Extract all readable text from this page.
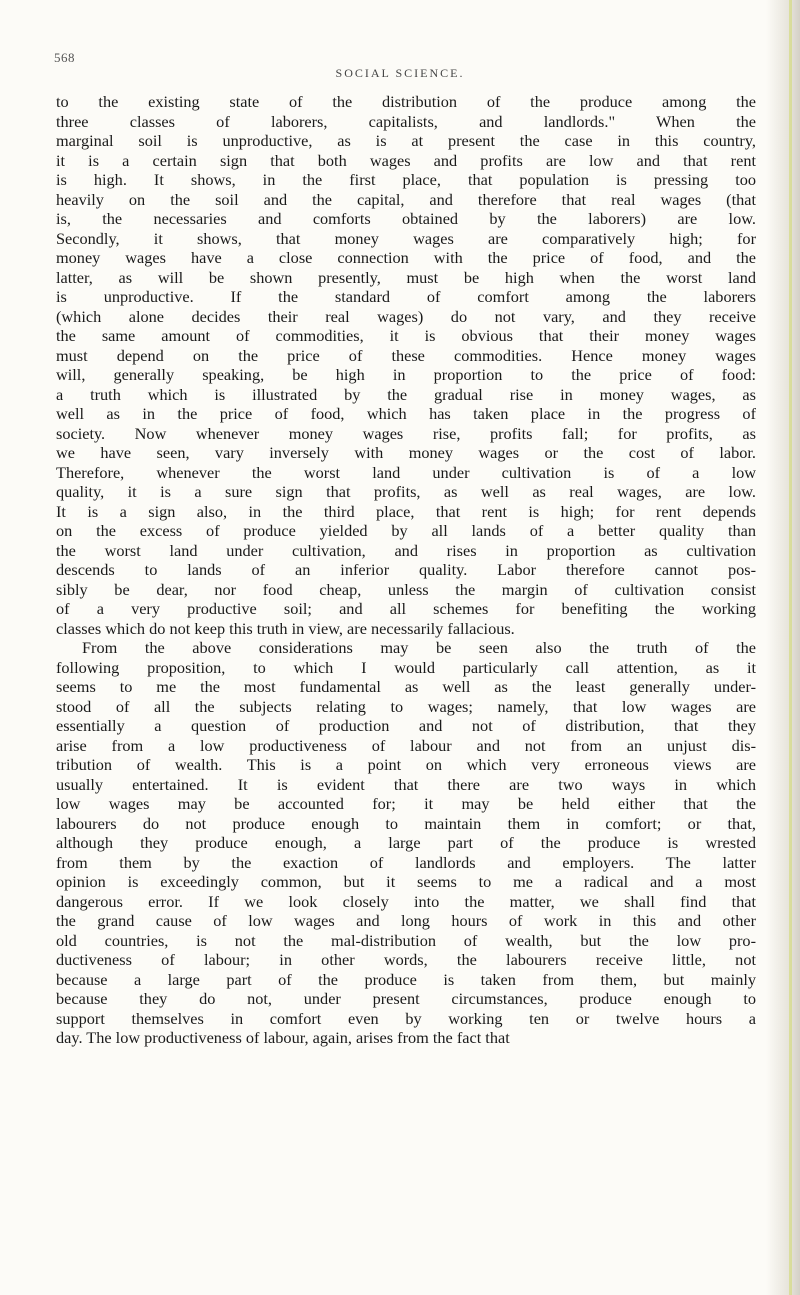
568
SOCIAL SCIENCE.
to the existing state of the distribution of the produce among the
three classes of laborers, capitalists, and landlords." When the
marginal soil is unproductive, as is at present the case in this country,
it is a certain sign that both wages and profits are low and that rent
is high. It shows, in the first place, that population is pressing too
heavily on the soil and the capital, and therefore that real wages (that
is, the necessaries and comforts obtained by the laborers) are low.
Secondly, it shows, that money wages are comparatively high; for
money wages have a close connection with the price of food, and the
latter, as will be shown presently, must be high when the worst land
is unproductive. If the standard of comfort among the laborers
(which alone decides their real wages) do not vary, and they receive
the same amount of commodities, it is obvious that their money wages
must depend on the price of these commodities. Hence money wages
will, generally speaking, be high in proportion to the price of food:
a truth which is illustrated by the gradual rise in money wages, as
well as in the price of food, which has taken place in the progress of
society. Now whenever money wages rise, profits fall; for profits, as
we have seen, vary inversely with money wages or the cost of labor.
Therefore, whenever the worst land under cultivation is of a low
quality, it is a sure sign that profits, as well as real wages, are low.
It is a sign also, in the third place, that rent is high; for rent depends
on the excess of produce yielded by all lands of a better quality than
the worst land under cultivation, and rises in proportion as cultivation
descends to lands of an inferior quality. Labor therefore cannot pos-
sibly be dear, nor food cheap, unless the margin of cultivation consist
of a very productive soil; and all schemes for benefiting the working
classes which do not keep this truth in view, are necessarily fallacious.
From the above considerations may be seen also the truth of the
following proposition, to which I would particularly call attention, as it
seems to me the most fundamental as well as the least generally under-
stood of all the subjects relating to wages; namely, that low wages are
essentially a question of production and not of distribution, that they
arise from a low productiveness of labour and not from an unjust dis-
tribution of wealth. This is a point on which very erroneous views are
usually entertained. It is evident that there are two ways in which
low wages may be accounted for; it may be held either that the
labourers do not produce enough to maintain them in comfort; or that,
although they produce enough, a large part of the produce is wrested
from them by the exaction of landlords and employers. The latter
opinion is exceedingly common, but it seems to me a radical and a most
dangerous error. If we look closely into the matter, we shall find that
the grand cause of low wages and long hours of work in this and other
old countries, is not the mal-distribution of wealth, but the low pro-
ductiveness of labour; in other words, the labourers receive little, not
because a large part of the produce is taken from them, but mainly
because they do not, under present circumstances, produce enough to
support themselves in comfort even by working ten or twelve hours a
day. The low productiveness of labour, again, arises from the fact that
